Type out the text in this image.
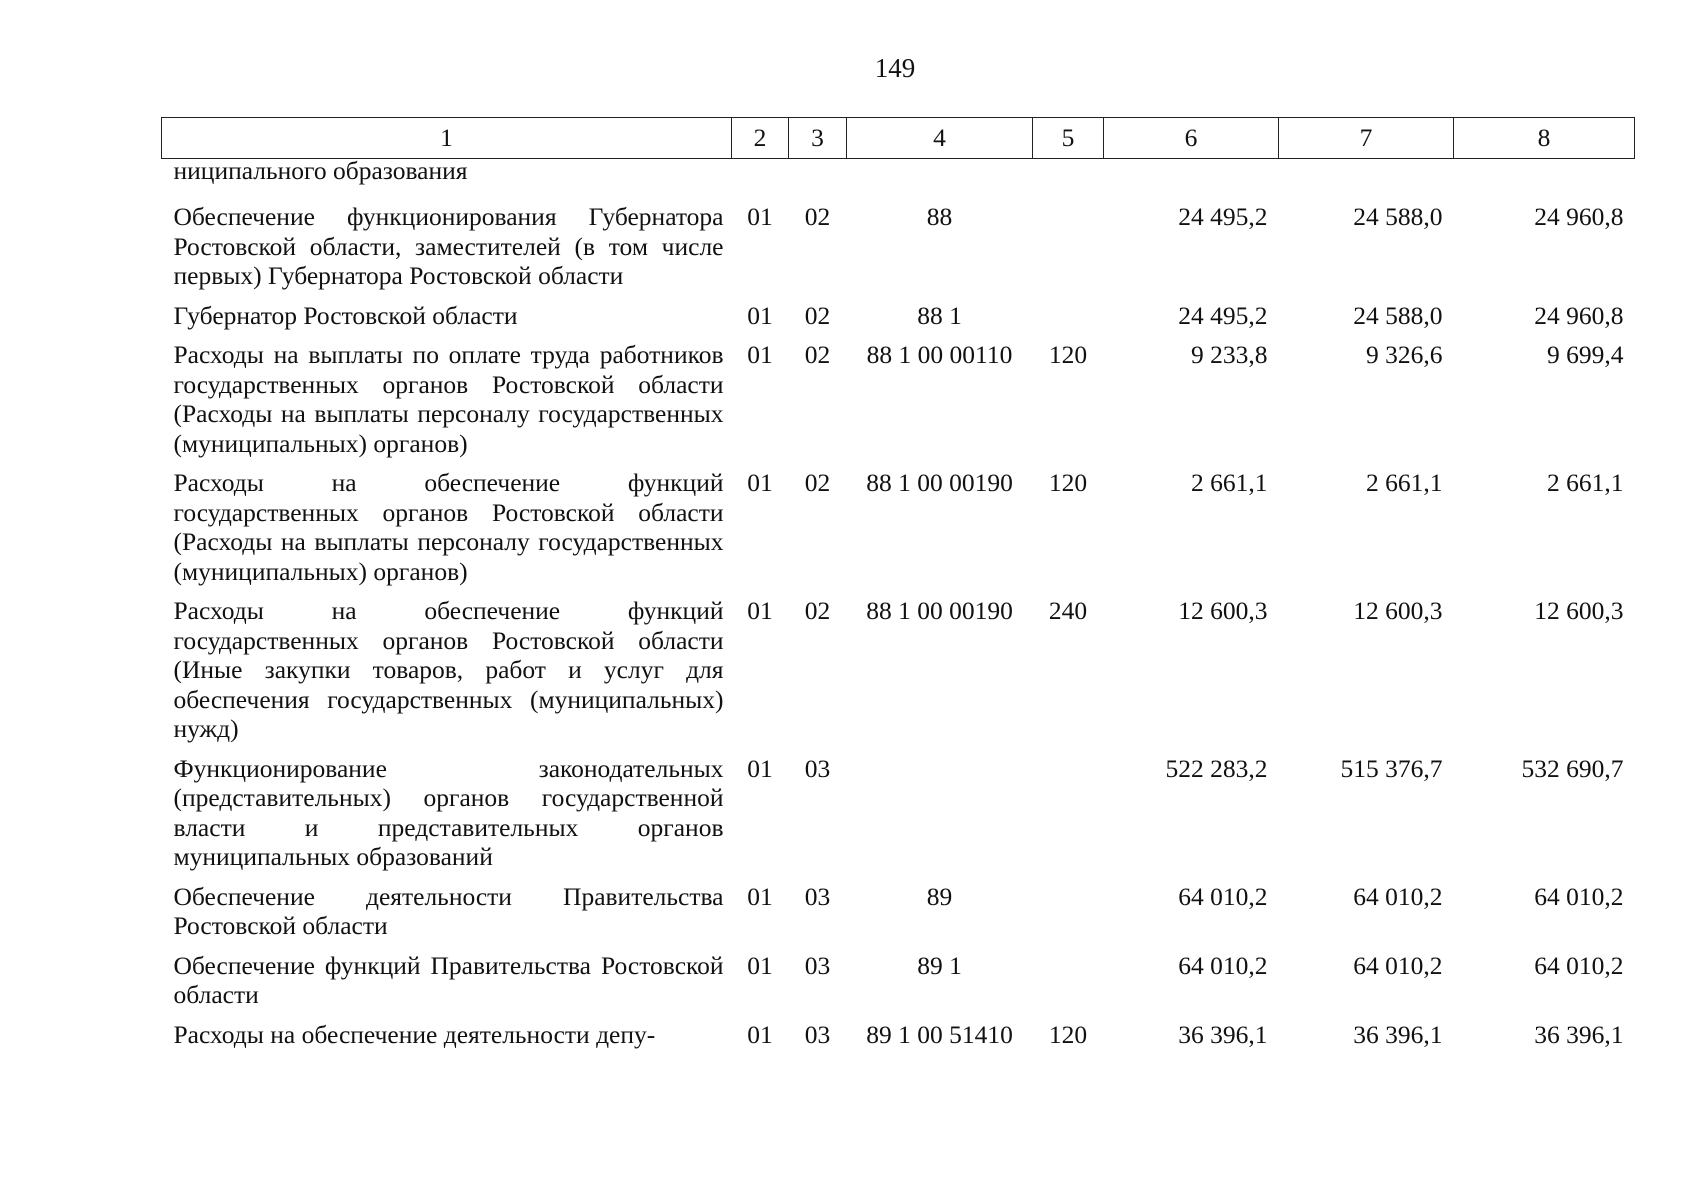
149
1	2	3	4	5	6	7	8
ниципального образования							
Обеспечение функционирования Губернатора Ростовской области, заместителей (в том числе первых) Губернатора Ростовской области	01	02	88		24 495,2	24 588,0	24 960,8
Губернатор Ростовской области	01	02	88 1		24 495,2	24 588,0	24 960,8
Расходы на выплаты по оплате труда работников государственных органов Ростовской области (Расходы на выплаты персоналу государственных (муниципальных) органов)	01	02	88 1 00 00110	120	9 233,8	9 326,6	9 699,4
Расходы на обеспечение функций государственных органов Ростовской области (Расходы на выплаты персоналу государственных (муниципальных) органов)	01	02	88 1 00 00190	120	2 661,1	2 661,1	2 661,1
Расходы на обеспечение функций государственных органов Ростовской области (Иные закупки товаров, работ и услуг для обеспечения государственных (муниципальных) нужд)	01	02	88 1 00 00190	240	12 600,3	12 600,3	12 600,3
Функционирование законодательных (представительных) органов государственной власти и представительных органов муниципальных образований	01	03			522 283,2	515 376,7	532 690,7
Обеспечение деятельности Правительства Ростовской области	01	03	89		64 010,2	64 010,2	64 010,2
Обеспечение функций Правительства Ростовской области	01	03	89 1		64 010,2	64 010,2	64 010,2
Расходы на обеспечение деятельности депу-	01	03	89 1 00 51410	120	36 396,1	36 396,1	36 396,1
